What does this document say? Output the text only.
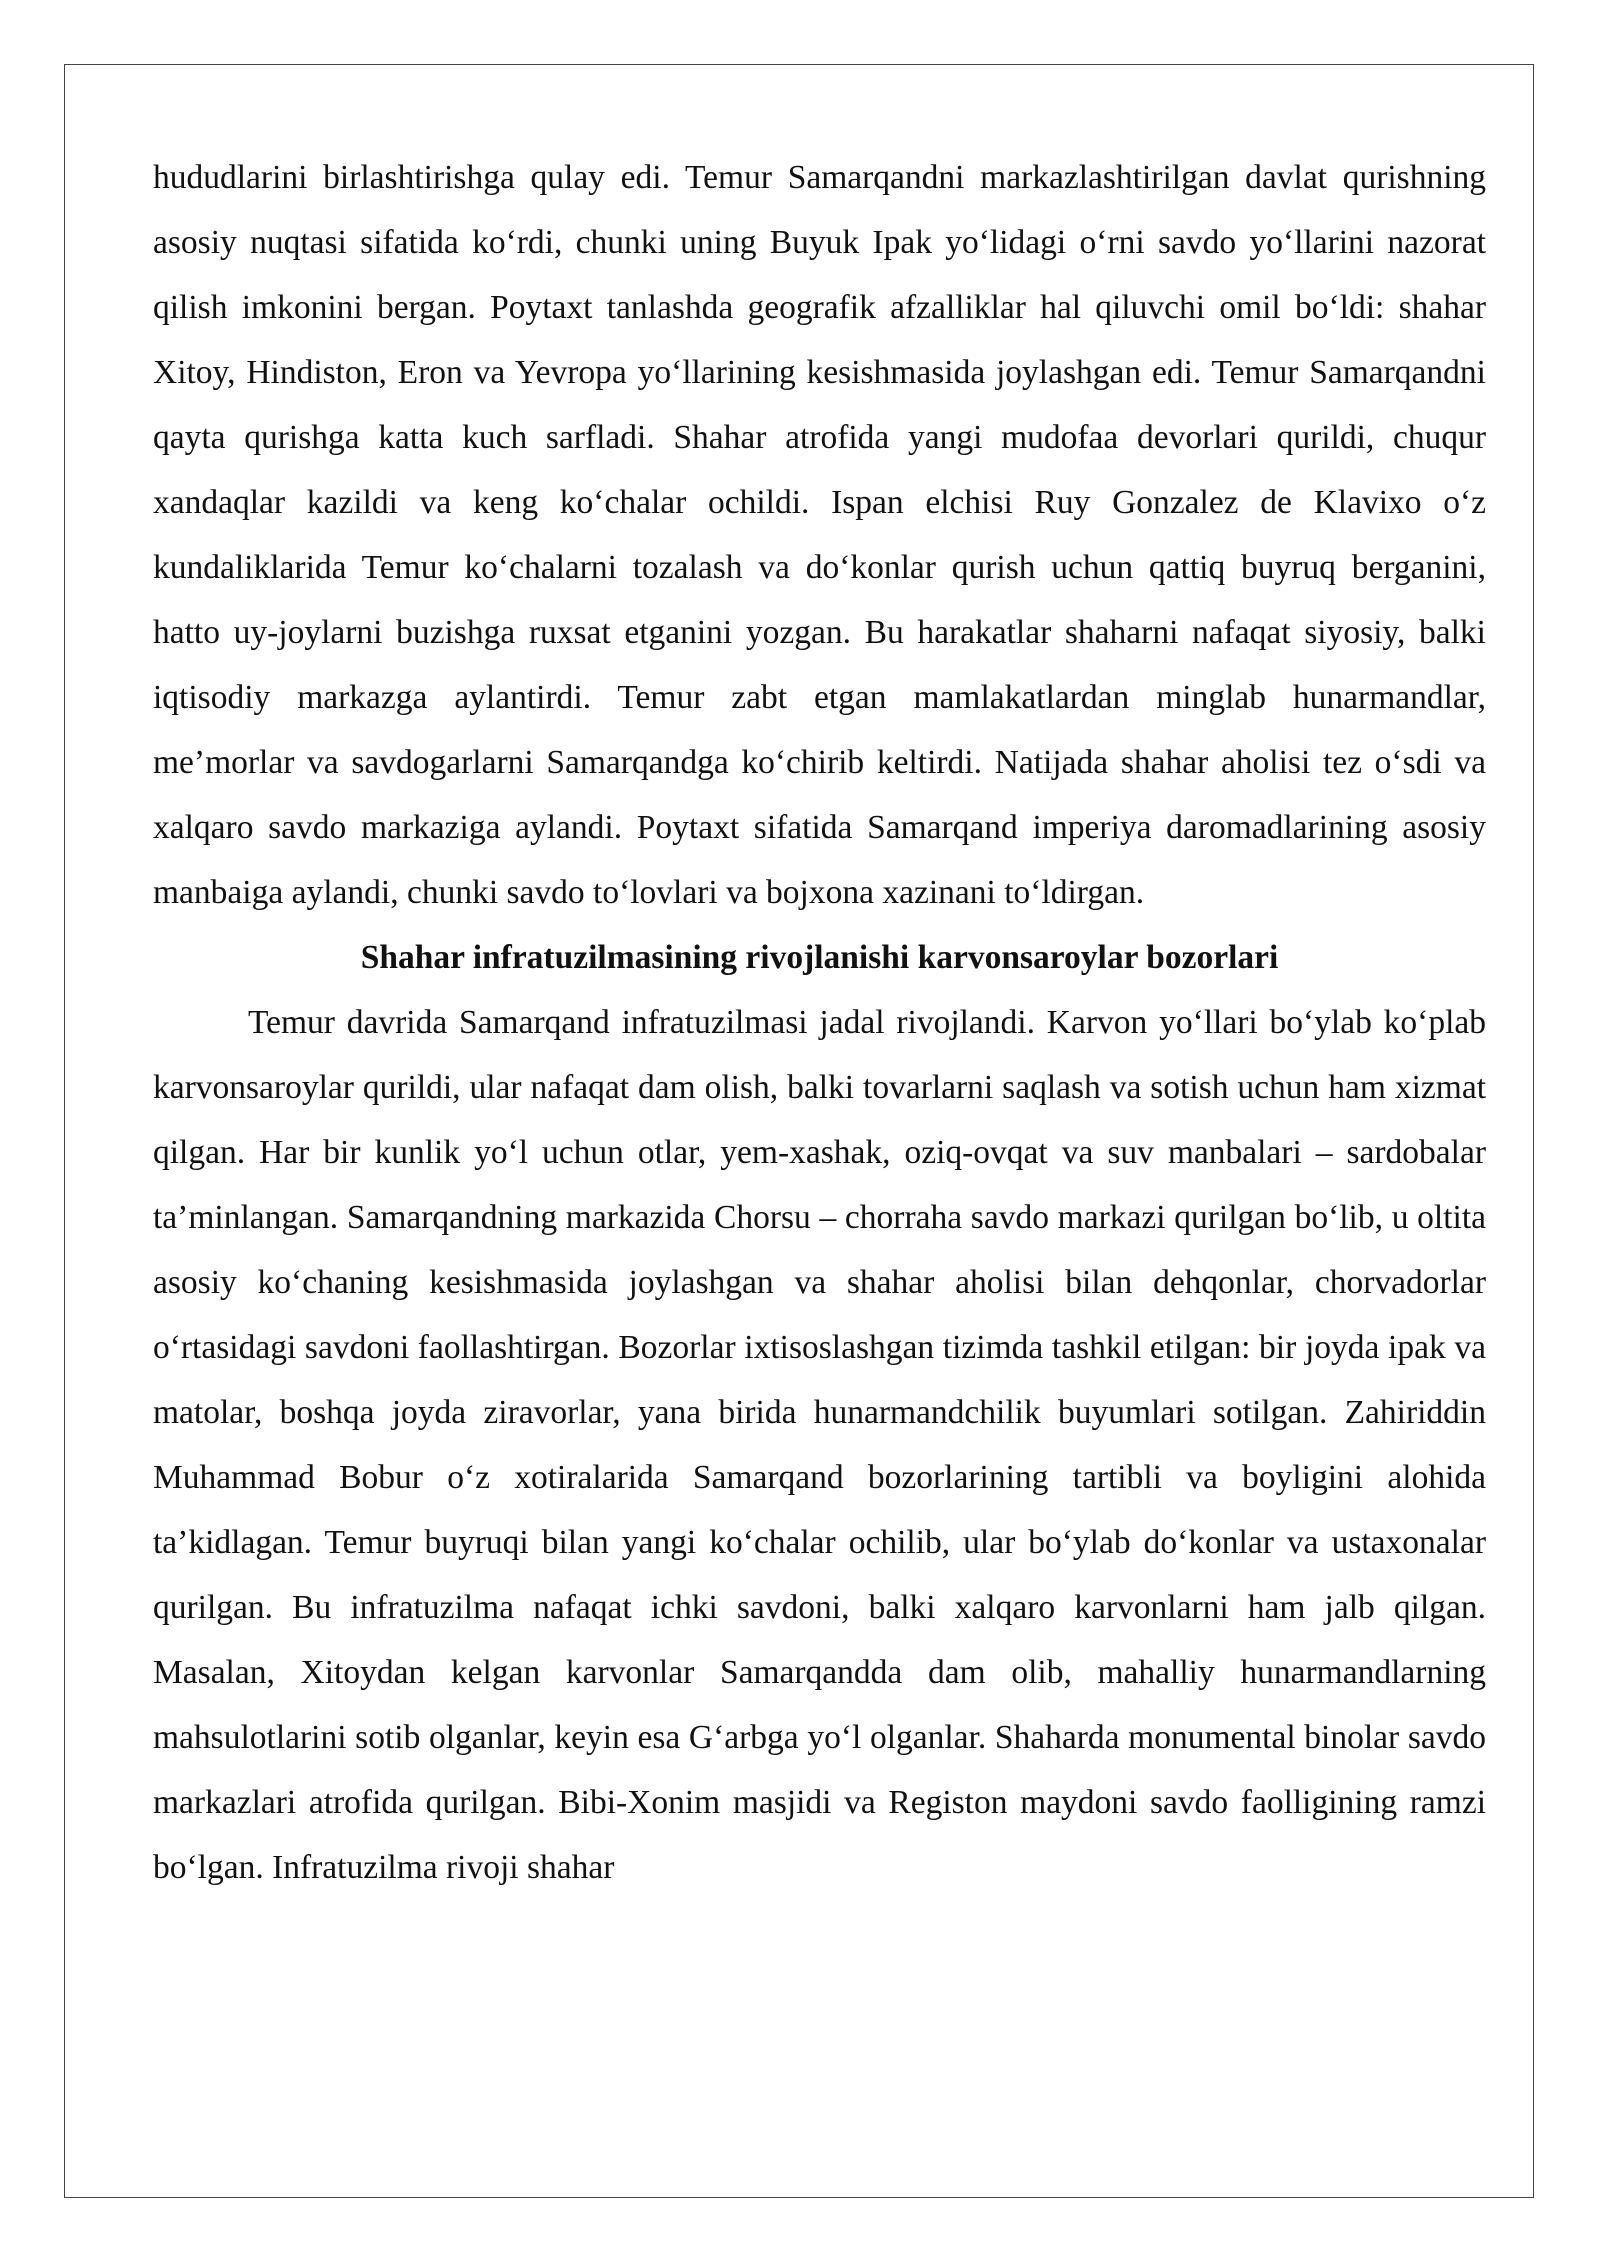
hududlarini birlashtirishga qulay edi. Temur Samarqandni markazlashtirilgan davlat qurishning asosiy nuqtasi sifatida ko‘rdi, chunki uning Buyuk Ipak yo‘lidagi o‘rni savdo yo‘llarini nazorat qilish imkonini bergan. Poytaxt tanlashda geografik afzalliklar hal qiluvchi omil bo‘ldi: shahar Xitoy, Hindiston, Eron va Yevropa yo‘llarining kesishmasida joylashgan edi. Temur Samarqandni qayta qurishga katta kuch sarfladi. Shahar atrofida yangi mudofaa devorlari qurildi, chuqur xandaqlar kazildi va keng ko‘chalar ochildi. Ispan elchisi Ruy Gonzalez de Klavixo o‘z kundaliklarida Temur ko‘chalarni tozalash va do‘konlar qurish uchun qattiq buyruq berganini, hatto uy-joylarni buzishga ruxsat etganini yozgan. Bu harakatlar shaharni nafaqat siyosiy, balki iqtisodiy markazga aylantirdi. Temur zabt etgan mamlakatlardan minglab hunarmandlar, me’morlar va savdogarlarni Samarqandga ko‘chirib keltirdi. Natijada shahar aholisi tez o‘sdi va xalqaro savdo markaziga aylandi. Poytaxt sifatida Samarqand imperiya daromadlarining asosiy manbaiga aylandi, chunki savdo to‘lovlari va bojxona xazinani to‘ldirgan.

Shahar infratuzilmasining rivojlanishi karvonsaroylar bozorlari

Temur davrida Samarqand infratuzilmasi jadal rivojlandi. Karvon yo‘llari bo‘ylab ko‘plab karvonsaroylar qurildi, ular nafaqat dam olish, balki tovarlarni saqlash va sotish uchun ham xizmat qilgan. Har bir kunlik yo‘l uchun otlar, yem-xashak, oziq-ovqat va suv manbalari – sardobalar ta’minlangan. Samarqandning markazida Chorsu – chorraha savdo markazi qurilgan bo‘lib, u oltita asosiy ko‘chaning kesishmasida joylashgan va shahar aholisi bilan dehqonlar, chorvadorlar o‘rtasidagi savdoni faollashtirgan. Bozorlar ixtisoslashgan tizimda tashkil etilgan: bir joyda ipak va matolar, boshqa joyda ziravorlar, yana birida hunarmandchilik buyumlari sotilgan. Zahiriddin Muhammad Bobur o‘z xotiralarida Samarqand bozorlarining tartibli va boyligini alohida ta’kidlagan. Temur buyruqi bilan yangi ko‘chalar ochilib, ular bo‘ylab do‘konlar va ustaxonalar qurilgan. Bu infratuzilma nafaqat ichki savdoni, balki xalqaro karvonlarni ham jalb qilgan. Masalan, Xitoydan kelgan karvonlar Samarqandda dam olib, mahalliy hunarmandlarning mahsulotlarini sotib olganlar, keyin esa G‘arbga yo‘l olganlar. Shaharda monumental binolar savdo markazlari atrofida qurilgan. Bibi-Xonim masjidi va Registon maydoni savdo faolligining ramzi bo‘lgan. Infratuzilma rivoji shahar
